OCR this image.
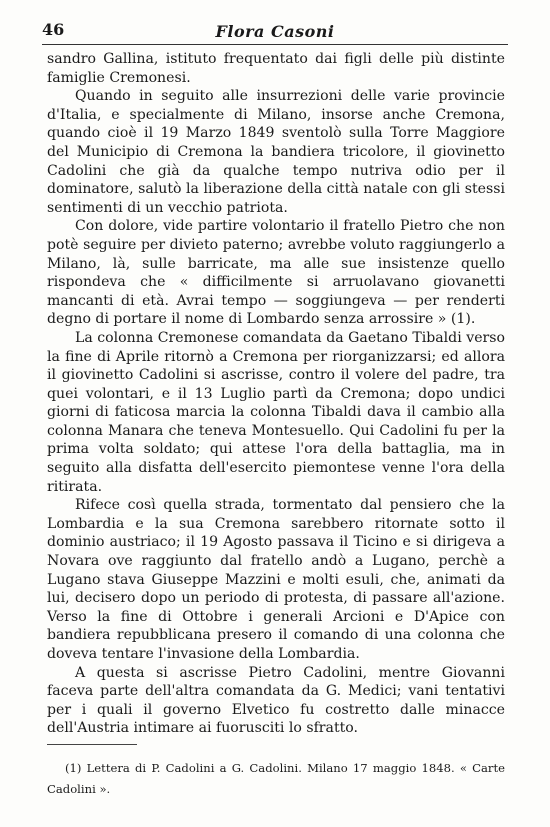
46	Flora Casoni

sandro Gallina, istituto frequentato dai figli delle più distinte famiglie Cremonesi.

Quando in seguito alle insurrezioni delle varie provincie d'Italia, e specialmente di Milano, insorse anche Cremona, quando cioè il 19 Marzo 1849 sventolò sulla Torre Maggiore del Municipio di Cremona la bandiera tricolore, il giovinetto Cadolini che già da qualche tempo nutriva odio per il dominatore, salutò la liberazione della città natale con gli stessi sentimenti di un vecchio patriota.

Con dolore, vide partire volontario il fratello Pietro che non potè seguire per divieto paterno; avrebbe voluto raggiungerlo a Milano, là, sulle barricate, ma alle sue insistenze quello rispondeva che « difficilmente si arruolavano giovanetti mancanti di età. Avrai tempo — soggiungeva — per renderti degno di portare il nome di Lombardo senza arrossire » (1).

La colonna Cremonese comandata da Gaetano Tibaldi verso la fine di Aprile ritornò a Cremona per riorganizzarsi; ed allora il giovinetto Cadolini si ascrisse, contro il volere del padre, tra quei volontari, e il 13 Luglio partì da Cremona; dopo undici giorni di faticosa marcia la colonna Tibaldi dava il cambio alla colonna Manara che teneva Montesuello. Qui Cadolini fu per la prima volta soldato; qui attese l'ora della battaglia, ma in seguito alla disfatta dell'esercito piemontese venne l'ora della ritirata.

Rifece così quella strada, tormentato dal pensiero che la Lombardia e la sua Cremona sarebbero ritornate sotto il dominio austriaco; il 19 Agosto passava il Ticino e si dirigeva a Novara ove raggiunto dal fratello andò a Lugano, perchè a Lugano stava Giuseppe Mazzini e molti esuli, che, animati da lui, decisero dopo un periodo di protesta, di passare all'azione. Verso la fine di Ottobre i generali Arcioni e D'Apice con bandiera repubblicana presero il comando di una colonna che doveva tentare l'invasione della Lombardia.

A questa si ascrisse Pietro Cadolini, mentre Giovanni faceva parte dell'altra comandata da G. Medici; vani tentativi per i quali il governo Elvetico fu costretto dalle minacce dell'Austria intimare ai fuorusciti lo sfratto.

(1) Lettera di P. Cadolini a G. Cadolini. Milano 17 maggio 1848. « Carte Cadolini ».
